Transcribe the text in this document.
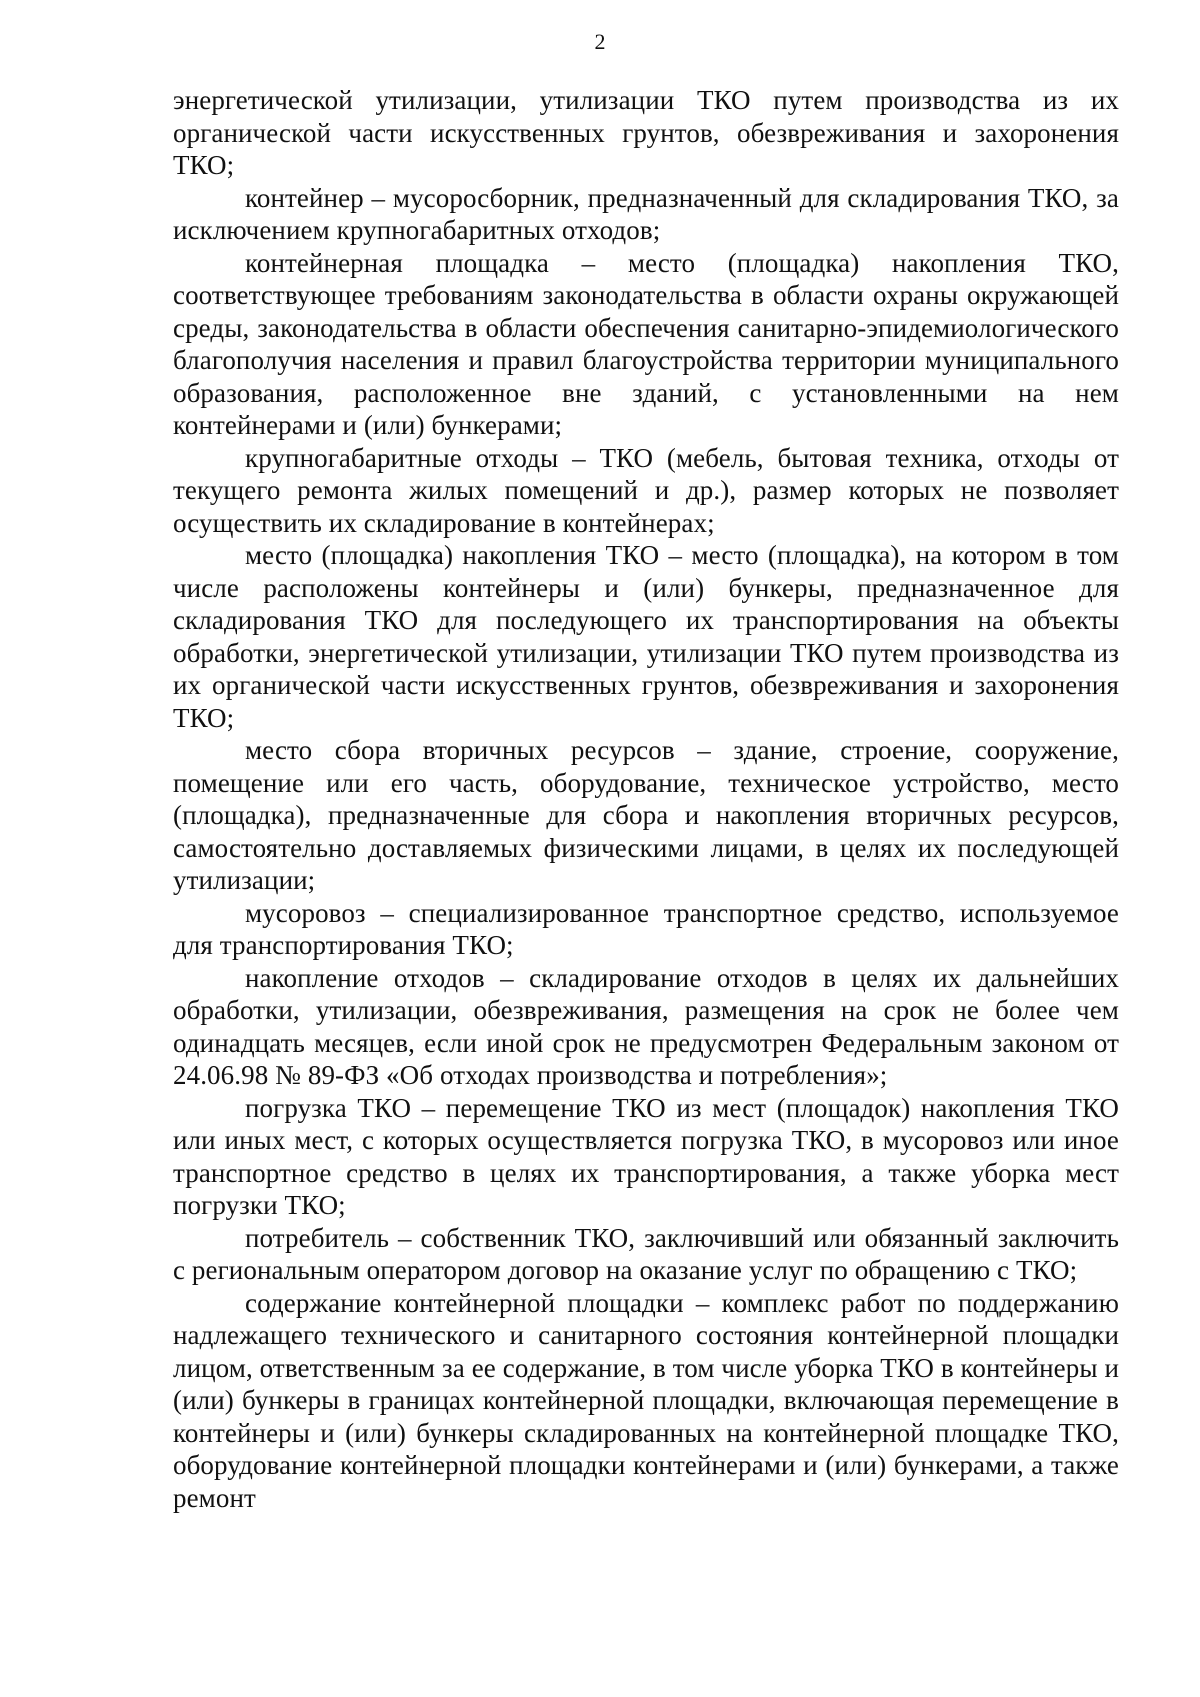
2

энергетической утилизации, утилизации ТКО путем производства из их органической части искусственных грунтов, обезвреживания и захоронения ТКО;

контейнер – мусоросборник, предназначенный для складирования ТКО, за исключением крупногабаритных отходов;

контейнерная площадка – место (площадка) накопления ТКО, соответствующее требованиям законодательства в области охраны окружающей среды, законодательства в области обеспечения санитарно-эпидемиологического благополучия населения и правил благоустройства территории муниципального образования, расположенное вне зданий, с установленными на нем контейнерами и (или) бункерами;

крупногабаритные отходы – ТКО (мебель, бытовая техника, отходы от текущего ремонта жилых помещений и др.), размер которых не позволяет осуществить их складирование в контейнерах;

место (площадка) накопления ТКО – место (площадка), на котором в том числе расположены контейнеры и (или) бункеры, предназначенное для складирования ТКО для последующего их транспортирования на объекты обработки, энергетической утилизации, утилизации ТКО путем производства из их органической части искусственных грунтов, обезвреживания и захоронения ТКО;

место сбора вторичных ресурсов – здание, строение, сооружение, помещение или его часть, оборудование, техническое устройство, место (площадка), предназначенные для сбора и накопления вторичных ресурсов, самостоятельно доставляемых физическими лицами, в целях их последующей утилизации;

мусоровоз – специализированное транспортное средство, используемое для транспортирования ТКО;

накопление отходов – складирование отходов в целях их дальнейших обработки, утилизации, обезвреживания, размещения на срок не более чем одинадцать месяцев, если иной срок не предусмотрен Федеральным законом от 24.06.98 № 89-ФЗ «Об отходах производства и потребления»;

погрузка ТКО – перемещение ТКО из мест (площадок) накопления ТКО или иных мест, с которых осуществляется погрузка ТКО, в мусоровоз или иное транспортное средство в целях их транспортирования, а также уборка мест погрузки ТКО;

потребитель – собственник ТКО, заключивший или обязанный заключить с региональным оператором договор на оказание услуг по обращению с ТКО;

содержание контейнерной площадки – комплекс работ по поддержанию надлежащего технического и санитарного состояния контейнерной площадки лицом, ответственным за ее содержание, в том числе уборка ТКО в контейнеры и (или) бункеры в границах контейнерной площадки, включающая перемещение в контейнеры и (или) бункеры складированных на контейнерной площадке ТКО, оборудование контейнерной площадки контейнерами и (или) бункерами, а также ремонт
